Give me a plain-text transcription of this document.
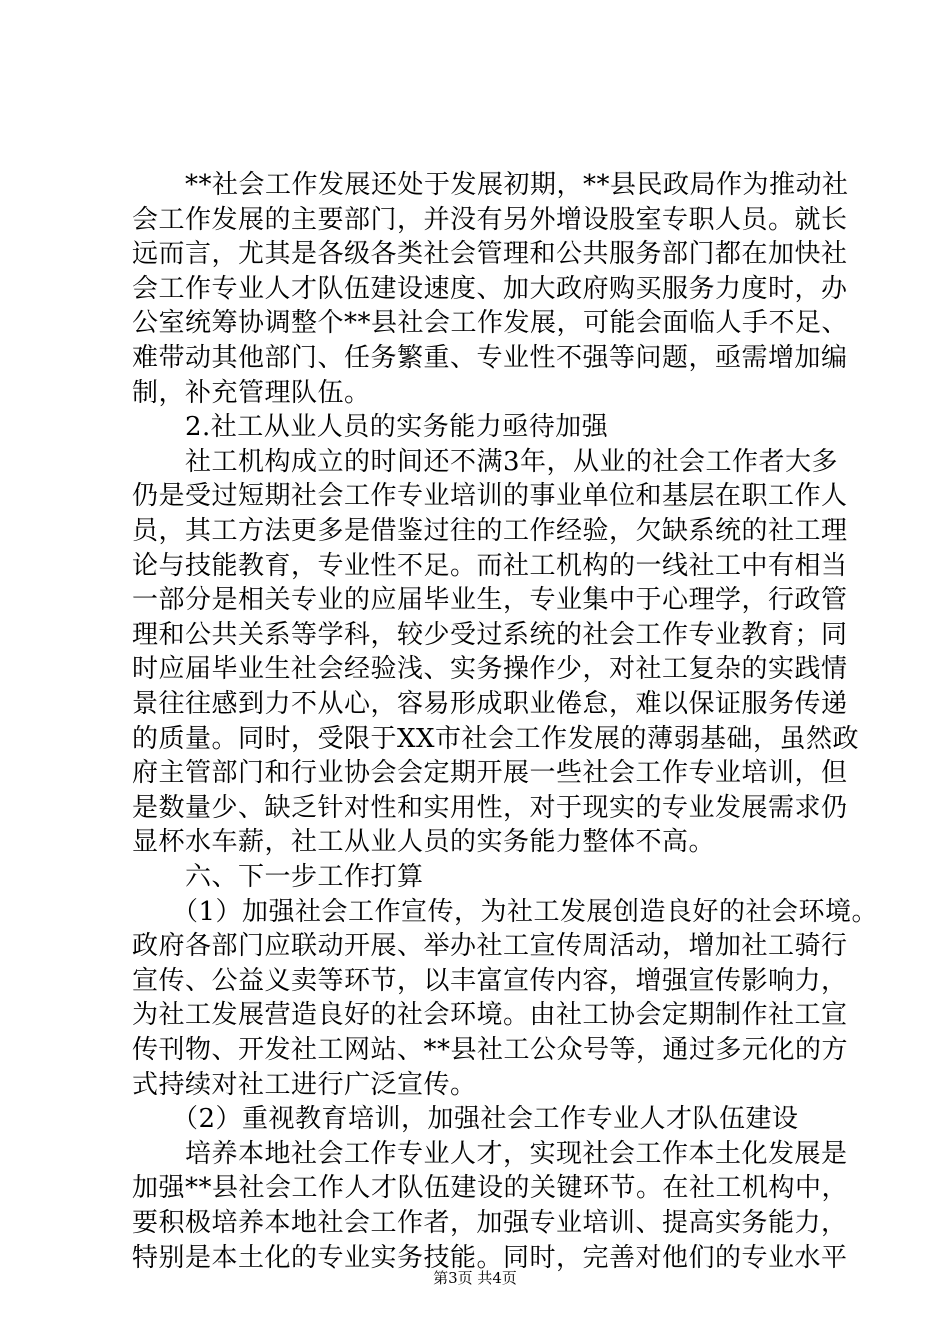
　　**社会工作发展还处于发展初期，**县民政局作为推动社
会工作发展的主要部门，并没有另外增设股室专职人员。就长
远而言，尤其是各级各类社会管理和公共服务部门都在加快社
会工作专业人才队伍建设速度、加大政府购买服务力度时，办
公室统筹协调整个**县社会工作发展，可能会面临人手不足、
难带动其他部门、任务繁重、专业性不强等问题，亟需增加编
制，补充管理队伍。
　　2.社工从业人员的实务能力亟待加强
　　社工机构成立的时间还不满3年，从业的社会工作者大多
仍是受过短期社会工作专业培训的事业单位和基层在职工作人
员，其工方法更多是借鉴过往的工作经验，欠缺系统的社工理
论与技能教育，专业性不足。而社工机构的一线社工中有相当
一部分是相关专业的应届毕业生，专业集中于心理学，行政管
理和公共关系等学科，较少受过系统的社会工作专业教育；同
时应届毕业生社会经验浅、实务操作少，对社工复杂的实践情
景往往感到力不从心，容易形成职业倦怠，难以保证服务传递
的质量。同时，受限于XX市社会工作发展的薄弱基础，虽然政
府主管部门和行业协会会定期开展一些社会工作专业培训，但
是数量少、缺乏针对性和实用性，对于现实的专业发展需求仍
显杯水车薪，社工从业人员的实务能力整体不高。
　　六、下一步工作打算
　　（1）加强社会工作宣传，为社工发展创造良好的社会环境。
政府各部门应联动开展、举办社工宣传周活动，增加社工骑行
宣传、公益义卖等环节，以丰富宣传内容，增强宣传影响力，
为社工发展营造良好的社会环境。由社工协会定期制作社工宣
传刊物、开发社工网站、**县社工公众号等，通过多元化的方
式持续对社工进行广泛宣传。
　　（2）重视教育培训，加强社会工作专业人才队伍建设
　　培养本地社会工作专业人才，实现社会工作本土化发展是
加强**县社会工作人才队伍建设的关键环节。在社工机构中，
要积极培养本地社会工作者，加强专业培训、提高实务能力，
特别是本土化的专业实务技能。同时，完善对他们的专业水平
第3页 共4页
